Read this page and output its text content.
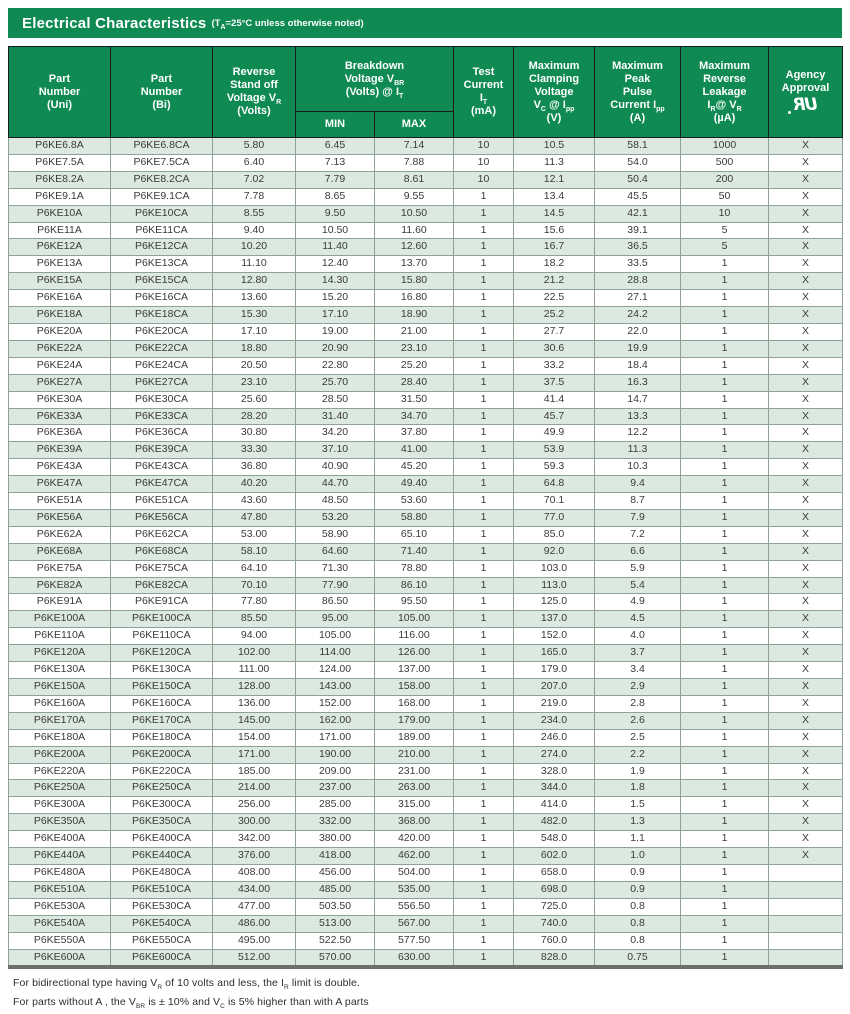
Electrical Characteristics ($T_A=25^\circ C$ unless otherwise noted)
Part
Number
(Uni)	Part
Number
(Bi)	Reverse
Stand off
Voltage $V_R$
(Volts)	Breakdown
Voltage $V_{BR}$
(Volts) @ $I_T$		Test
Current
$I_T$
(mA)	Maximum
Clamping
Voltage
$V_C$ @ $I_{pp}$
(V)	Maximum
Peak
Pulse
Current $I_{pp}$
(A)	Maximum
Reverse
Leakage
$I_R@$ $V_R$
(µA)	Agency
Approval
UR

			MIN	MAX					
P6KE6.8A	P6KE6.8CA	5.80	6.45	7.14	10	10.5	58.1	1000	X
P6KE7.5A	P6KE7.5CA	6.40	7.13	7.88	10	11.3	54.0	500	X
P6KE8.2A	P6KE8.2CA	7.02	7.79	8.61	10	12.1	50.4	200	X
P6KE9.1A	P6KE9.1CA	7.78	8.65	9.55	1	13.4	45.5	50	X
P6KE10A	P6KE10CA	8.55	9.50	10.50	1	14.5	42.1	10	X
P6KE11A	P6KE11CA	9.40	10.50	11.60	1	15.6	39.1	5	X
P6KE12A	P6KE12CA	10.20	11.40	12.60	1	16.7	36.5	5	X
P6KE13A	P6KE13CA	11.10	12.40	13.70	1	18.2	33.5	1	X
P6KE15A	P6KE15CA	12.80	14.30	15.80	1	21.2	28.8	1	X
P6KE16A	P6KE16CA	13.60	15.20	16.80	1	22.5	27.1	1	X
P6KE18A	P6KE18CA	15.30	17.10	18.90	1	25.2	24.2	1	X
P6KE20A	P6KE20CA	17.10	19.00	21.00	1	27.7	22.0	1	X
P6KE22A	P6KE22CA	18.80	20.90	23.10	1	30.6	19.9	1	X
P6KE24A	P6KE24CA	20.50	22.80	25.20	1	33.2	18.4	1	X
P6KE27A	P6KE27CA	23.10	25.70	28.40	1	37.5	16.3	1	X
P6KE30A	P6KE30CA	25.60	28.50	31.50	1	41.4	14.7	1	X
P6KE33A	P6KE33CA	28.20	31.40	34.70	1	45.7	13.3	1	X
P6KE36A	P6KE36CA	30.80	34.20	37.80	1	49.9	12.2	1	X
P6KE39A	P6KE39CA	33.30	37.10	41.00	1	53.9	11.3	1	X
P6KE43A	P6KE43CA	36.80	40.90	45.20	1	59.3	10.3	1	X
P6KE47A	P6KE47CA	40.20	44.70	49.40	1	64.8	9.4	1	X
P6KE51A	P6KE51CA	43.60	48.50	53.60	1	70.1	8.7	1	X
P6KE56A	P6KE56CA	47.80	53.20	58.80	1	77.0	7.9	1	X
P6KE62A	P6KE62CA	53.00	58.90	65.10	1	85.0	7.2	1	X
P6KE68A	P6KE68CA	58.10	64.60	71.40	1	92.0	6.6	1	X
P6KE75A	P6KE75CA	64.10	71.30	78.80	1	103.0	5.9	1	X
P6KE82A	P6KE82CA	70.10	77.90	86.10	1	113.0	5.4	1	X
P6KE91A	P6KE91CA	77.80	86.50	95.50	1	125.0	4.9	1	X
P6KE100A	P6KE100CA	85.50	95.00	105.00	1	137.0	4.5	1	X
P6KE110A	P6KE110CA	94.00	105.00	116.00	1	152.0	4.0	1	X
P6KE120A	P6KE120CA	102.00	114.00	126.00	1	165.0	3.7	1	X
P6KE130A	P6KE130CA	111.00	124.00	137.00	1	179.0	3.4	1	X
P6KE150A	P6KE150CA	128.00	143.00	158.00	1	207.0	2.9	1	X
P6KE160A	P6KE160CA	136.00	152.00	168.00	1	219.0	2.8	1	X
P6KE170A	P6KE170CA	145.00	162.00	179.00	1	234.0	2.6	1	X
P6KE180A	P6KE180CA	154.00	171.00	189.00	1	246.0	2.5	1	X
P6KE200A	P6KE200CA	171.00	190.00	210.00	1	274.0	2.2	1	X
P6KE220A	P6KE220CA	185.00	209.00	231.00	1	328.0	1.9	1	X
P6KE250A	P6KE250CA	214.00	237.00	263.00	1	344.0	1.8	1	X
P6KE300A	P6KE300CA	256.00	285.00	315.00	1	414.0	1.5	1	X
P6KE350A	P6KE350CA	300.00	332.00	368.00	1	482.0	1.3	1	X
P6KE400A	P6KE400CA	342.00	380.00	420.00	1	548.0	1.1	1	X
P6KE440A	P6KE440CA	376.00	418.00	462.00	1	602.0	1.0	1	X
P6KE480A	P6KE480CA	408.00	456.00	504.00	1	658.0	0.9	1	
P6KE510A	P6KE510CA	434.00	485.00	535.00	1	698.0	0.9	1	
P6KE530A	P6KE530CA	477.00	503.50	556.50	1	725.0	0.8	1	
P6KE540A	P6KE540CA	486.00	513.00	567.00	1	740.0	0.8	1	
P6KE550A	P6KE550CA	495.00	522.50	577.50	1	760.0	0.8	1	
P6KE600A	P6KE600CA	512.00	570.00	630.00	1	828.0	0.75	1	
For bidirectional type having $V_R$ of 10 volts and less, the $I_R$ limit is double.
For parts without A , the $V_{BR}$ is ± 10% and $V_C$ is 5% higher than with A parts
